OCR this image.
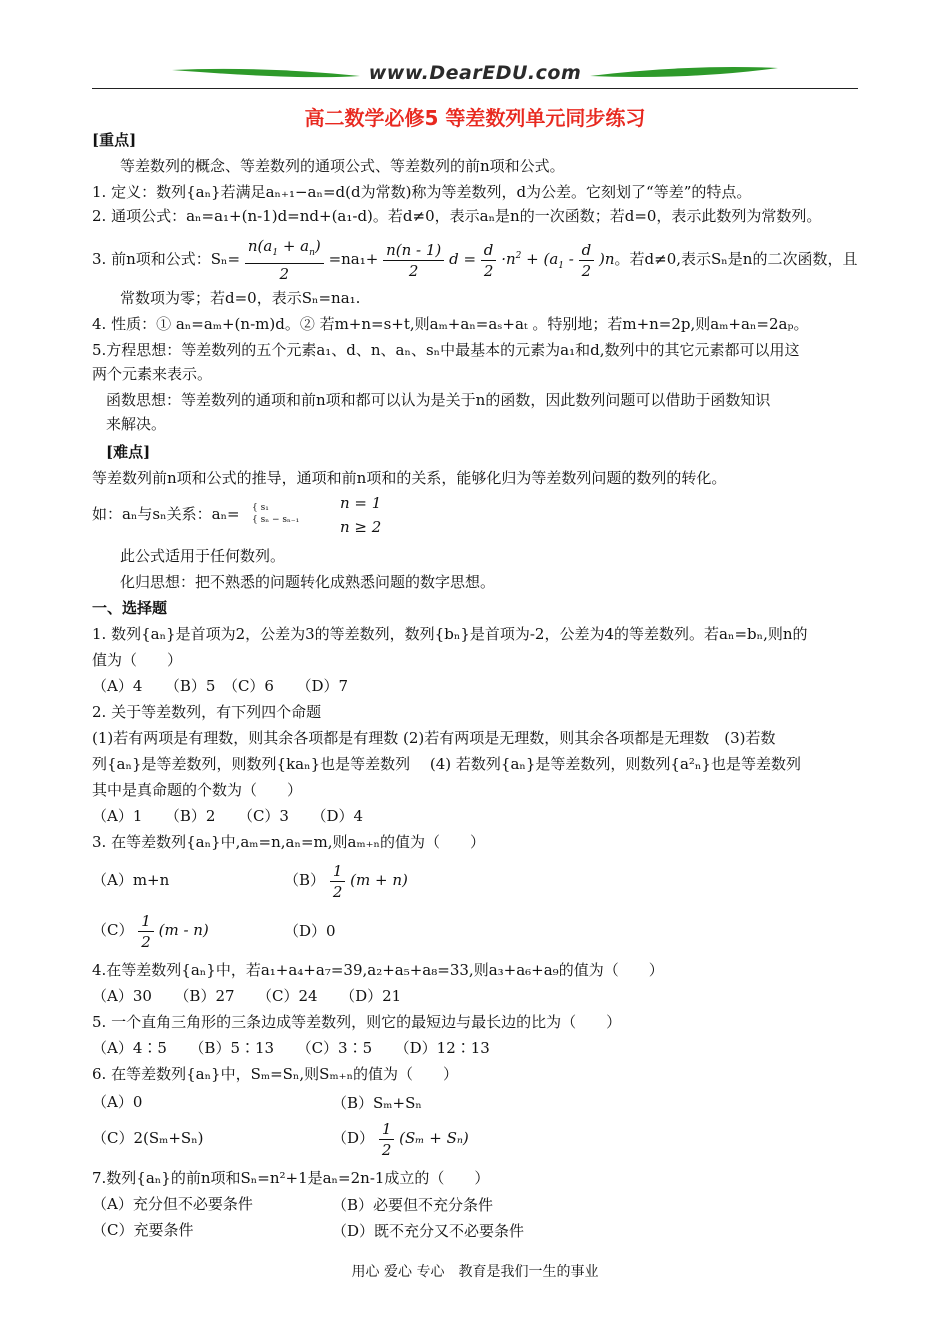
www.DearEDU.com
高二数学必修5 等差数列单元同步练习
[重点]
等差数列的概念、等差数列的通项公式、等差数列的前n项和公式。
1. 定义：数列{aₙ}若满足aₙ₊₁−aₙ=d(d为常数)称为等差数列，d为公差。它刻划了“等差”的特点。
2. 通项公式：aₙ=a₁+(n-1)d=nd+(a₁-d)。若d≠0，表示aₙ是n的一次函数；若d=0，表示此数列为常数列。
3. 前n项和公式：$S_n= \frac{n(a_1 + a_n)}{2} =na_1+ \frac{n(n - 1)}{2}$ $d = \frac{d}{2} \cdot n^2 + (a_1 - \frac{d}{2} )n$。若d≠0,表示Sₙ是n的二次函数，且
常数项为零；若d=0，表示Sₙ=na₁.
4. 性质：① aₙ=aₘ+(n-m)d。② 若m+n=s+t,则aₘ+aₙ=aₛ+aₜ 。特别地；若m+n=2p,则aₘ+aₙ=2aₚ。
5.方程思想：等差数列的五个元素a₁、d、n、aₙ、sₙ中最基本的元素为a₁和d,数列中的其它元素都可以用这
两个元素来表示。
函数思想：等差数列的通项和前n项和都可以认为是关于n的函数，因此数列问题可以借助于函数知识
来解决。
[难点]
等差数列前n项和公式的推导，通项和前n项和的关系，能够化归为等差数列问题的数列的转化。
如：aₙ与sₙ关系：aₙ= { s₁
{ sₙ − sₙ₋₁
n = 1
n ≥ 2
此公式适用于任何数列。
化归思想：把不熟悉的问题转化成熟悉问题的数字思想。
一、选择题
1. 数列{aₙ}是首项为2，公差为3的等差数列，数列{bₙ}是首项为-2，公差为4的等差数列。若aₙ=bₙ,则n的
值为（　　）
（A）4　　（B）5　（C）6　　（D）7
2. 关于等差数列，有下列四个命题
(1)若有两项是有理数，则其余各项都是有理数 (2)若有两项是无理数，则其余各项都是无理数　(3)若数
列{aₙ}是等差数列，则数列{kaₙ}也是等差数列　 (4) 若数列{aₙ}是等差数列，则数列{a²ₙ}也是等差数列
其中是真命题的个数为（　　）
（A）1　　（B）2　　（C）3　　（D）4
3. 在等差数列{aₙ}中,aₘ=n,aₙ=m,则aₘ₊ₙ的值为（　　）
（A）m+n	$(B) \frac{1}{2} (m + n)$
$(C) \frac{1}{2} (m - n)$	（D）0
4.在等差数列{aₙ}中，若a₁+a₄+a₇=39,a₂+a₅+a₈=33,则a₃+a₆+a₉的值为（　　）
（A）30　　（B）27　　（C）24　　（D）21
5. 一个直角三角形的三条边成等差数列，则它的最短边与最长边的比为（　　）
（A）4∶5　　（B）5∶13　　（C）3∶5　　（D）12∶13
6. 在等差数列{aₙ}中，Sₘ=Sₙ,则Sₘ₊ₙ的值为（　　）
（A）0	（B）Sₘ+Sₙ
（C）2(Sₘ+Sₙ)	$(D) \frac{1}{2} (S_m + S_n)$
7.数列{aₙ}的前n项和Sₙ=n²+1是aₙ=2n-1成立的（　　）
（A）充分但不必要条件	（B）必要但不充分条件
（C）充要条件	（D）既不充分又不必要条件
用心 爱心 专心　教育是我们一生的事业
